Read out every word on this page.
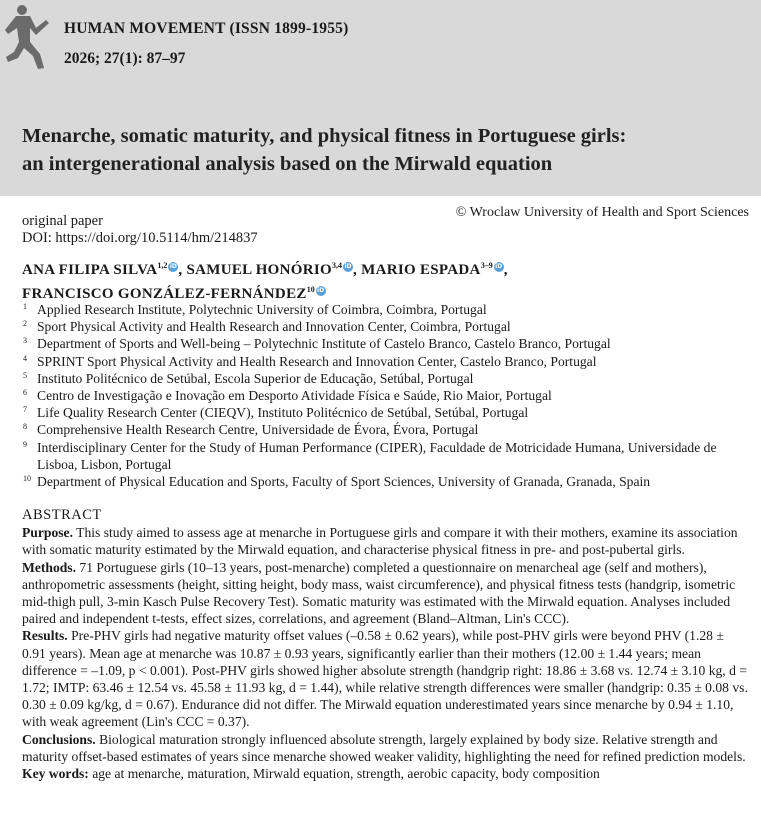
HUMAN MOVEMENT (ISSN 1899-1955)
2026; 27(1): 87–97
Menarche, somatic maturity, and physical fitness in Portuguese girls:
an intergenerational analysis based on the Mirwald equation
© Wroclaw University of Health and Sport Sciences
original paper
DOI: https://doi.org/10.5114/hm/214837
ANA FILIPA SILVA$^{1,2}$ iD, SAMUEL HONÓRIO$^{3,4}$ iD, MARIO ESPADA$^{3-9}$ iD,
FRANCISCO GONZÁLEZ-FERNÁNDEZ$^{10}$ iD
1 Applied Research Institute, Polytechnic University of Coimbra, Coimbra, Portugal
2 Sport Physical Activity and Health Research and Innovation Center, Coimbra, Portugal
3 Department of Sports and Well-being – Polytechnic Institute of Castelo Branco, Castelo Branco, Portugal
4 SPRINT Sport Physical Activity and Health Research and Innovation Center, Castelo Branco, Portugal
5 Instituto Politécnico de Setúbal, Escola Superior de Educação, Setúbal, Portugal
6 Centro de Investigação e Inovação em Desporto Atividade Física e Saúde, Rio Maior, Portugal
7 Life Quality Research Center (CIEQV), Instituto Politécnico de Setúbal, Setúbal, Portugal
8 Comprehensive Health Research Centre, Universidade de Évora, Évora, Portugal
9 Interdisciplinary Center for the Study of Human Performance (CIPER), Faculdade de Motricidade Humana, Universidade de Lisboa, Lisbon, Portugal
10 Department of Physical Education and Sports, Faculty of Sport Sciences, University of Granada, Granada, Spain
ABSTRACT

Purpose. This study aimed to assess age at menarche in Portuguese girls and compare it with their mothers, examine its association with somatic maturity estimated by the Mirwald equation, and characterise physical fitness in pre- and post-pubertal girls.

Methods. 71 Portuguese girls (10–13 years, post-menarche) completed a questionnaire on menarcheal age (self and mothers), anthropometric assessments (height, sitting height, body mass, waist circumference), and physical fitness tests (handgrip, isometric mid-thigh pull, 3-min Kasch Pulse Recovery Test). Somatic maturity was estimated with the Mirwald equation. Analyses included paired and independent t-tests, effect sizes, correlations, and agreement (Bland–Altman, Lin's CCC).

Results. Pre-PHV girls had negative maturity offset values (–0.58 ± 0.62 years), while post-PHV girls were beyond PHV (1.28 ± 0.91 years). Mean age at menarche was 10.87 ± 0.93 years, significantly earlier than their mothers (12.00 ± 1.44 years; mean difference = –1.09, p < 0.001). Post-PHV girls showed higher absolute strength (handgrip right: 18.86 ± 3.68 vs. 12.74 ± 3.10 kg, d = 1.72; IMTP: 63.46 ± 12.54 vs. 45.58 ± 11.93 kg, d = 1.44), while relative strength differences were smaller (handgrip: 0.35 ± 0.08 vs. 0.30 ± 0.09 kg/kg, d = 0.67). Endurance did not differ. The Mirwald equation underestimated years since menarche by 0.94 ± 1.10, with weak agreement (Lin's CCC = 0.37).

Conclusions. Biological maturation strongly influenced absolute strength, largely explained by body size. Relative strength and maturity offset-based estimates of years since menarche showed weaker validity, highlighting the need for refined prediction models.

Key words: age at menarche, maturation, Mirwald equation, strength, aerobic capacity, body composition
